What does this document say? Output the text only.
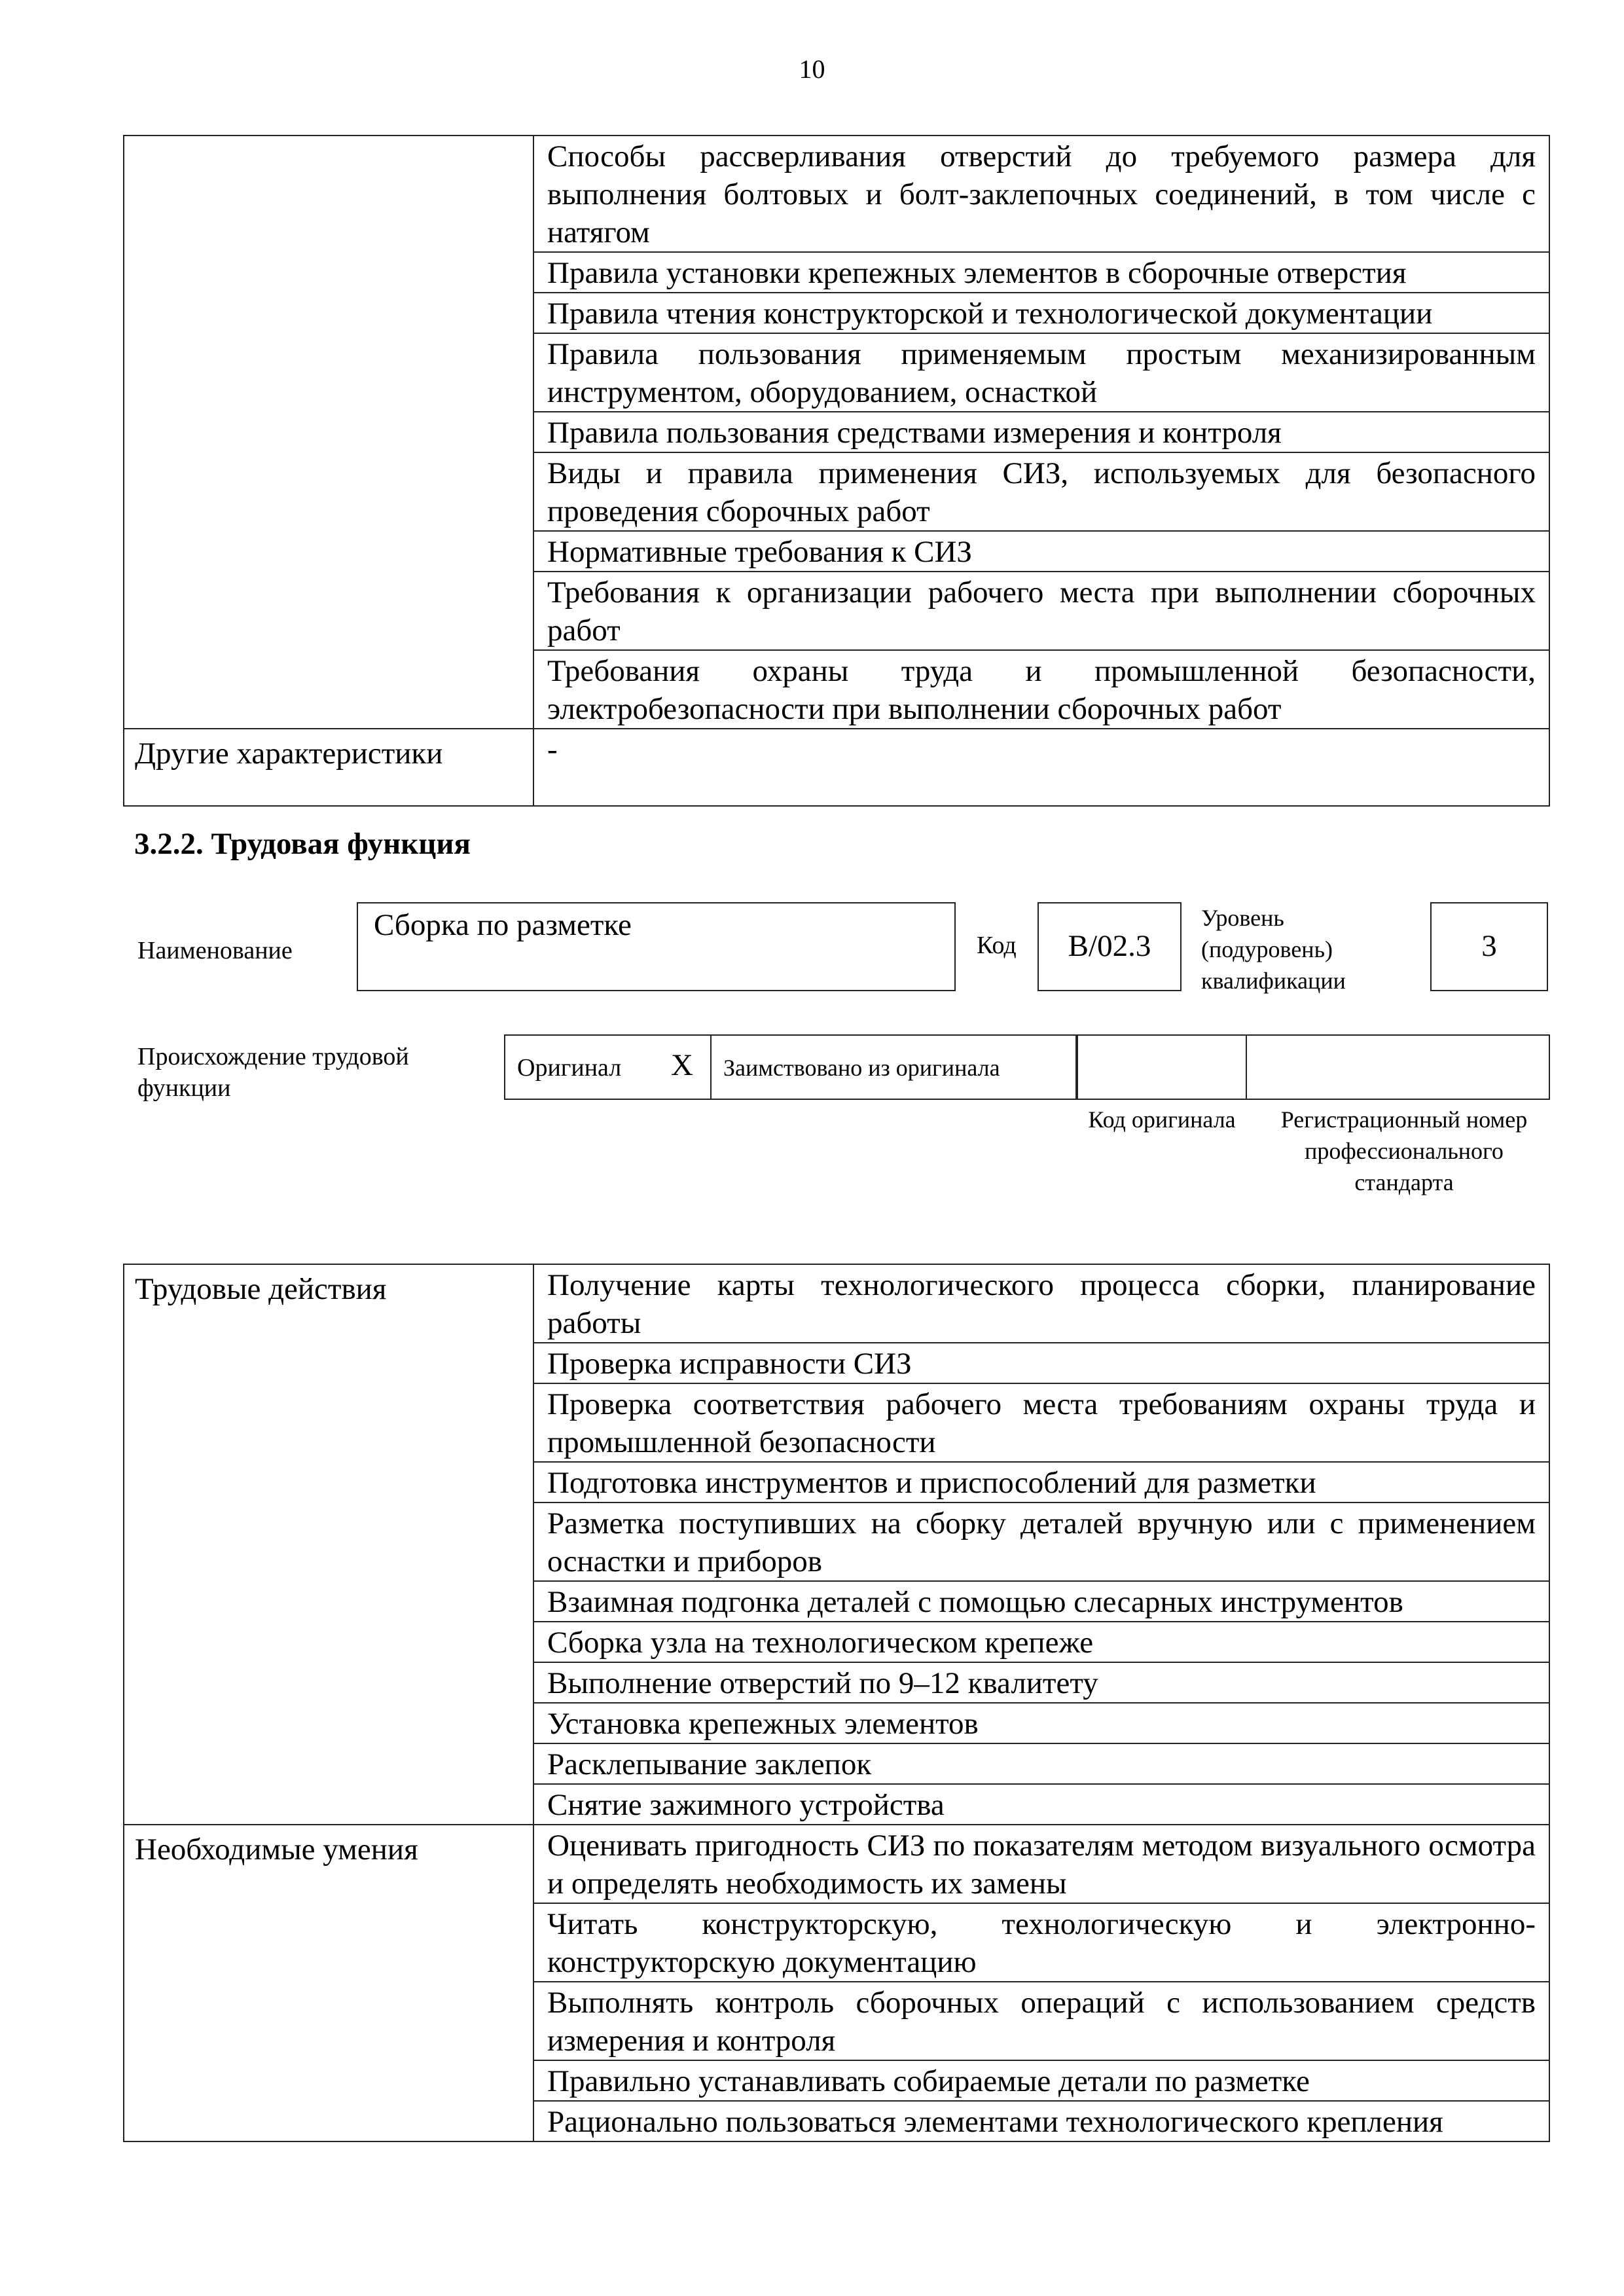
10
	Способы рассверливания отверстий до требуемого размера для выполнения болтовых и болт-заклепочных соединений, в том числе с натягом
	Правила установки крепежных элементов в сборочные отверстия
	Правила чтения конструкторской и технологической документации
	Правила пользования применяемым простым механизированным инструментом, оборудованием, оснасткой
	Правила пользования средствами измерения и контроля
	Виды и правила применения СИЗ, используемых для безопасного проведения сборочных работ
	Нормативные требования к СИЗ
	Требования к организации рабочего места при выполнении сборочных работ
	Требования охраны труда и промышленной безопасности, электробезопасности при выполнении сборочных работ
Другие характеристики	-
3.2.2. Трудовая функция
Наименование
Сборка по разметке
Код	B/02.3
Уровень (подуровень) квалификации
3
Происхождение трудовой функции
Оригинал X Заимствовано из оригинала
Код оригинала	Регистрационный номер профессионального стандарта
Трудовые действия	Получение карты технологического процесса сборки, планирование работы
	Проверка исправности СИЗ
	Проверка соответствия рабочего места требованиям охраны труда и промышленной безопасности
	Подготовка инструментов и приспособлений для разметки
	Разметка поступивших на сборку деталей вручную или с применением оснастки и приборов
	Взаимная подгонка деталей с помощью слесарных инструментов
	Сборка узла на технологическом крепеже
	Выполнение отверстий по 9–12 квалитету
	Установка крепежных элементов
	Расклепывание заклепок
	Снятие зажимного устройства
Необходимые умения	Оценивать пригодность СИЗ по показателям методом визуального осмотра и определять необходимость их замены
	Читать конструкторскую, технологическую и электронно-конструкторскую документацию
	Выполнять контроль сборочных операций с использованием средств измерения и контроля
	Правильно устанавливать собираемые детали по разметке
	Рационально пользоваться элементами технологического крепления
